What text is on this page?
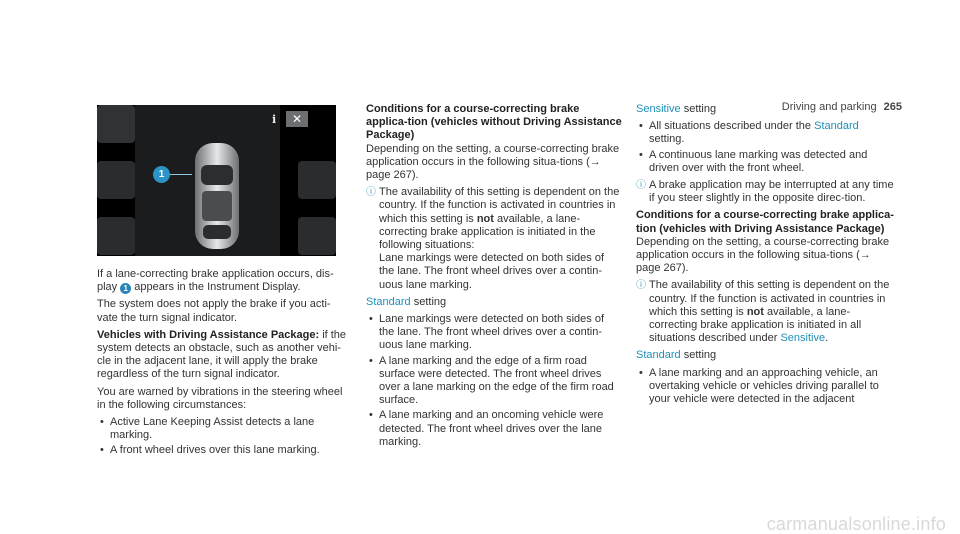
Driving and parking 265
i	✕
1

If a lane-correcting brake application occurs, dis-play 1 appears in the Instrument Display.

The system does not apply the brake if you acti-vate the turn signal indicator.

Vehicles with Driving Assistance Package: if the system detects an obstacle, such as another vehi-cle in the adjacent lane, it will apply the brake regardless of the turn signal indicator.

You are warned by vibrations in the steering wheel in the following circumstances:

• Active Lane Keeping Assist detects a lane marking.
• A front wheel drives over this lane marking.

Conditions for a course-correcting brake applica-tion (vehicles without Driving Assistance Package)

Depending on the setting, a course-correcting brake application occurs in the following situa-tions (→ page 267).

ⓘ The availability of this setting is dependent on the country. If the function is activated in countries in which this setting is not available, a lane-correcting brake application is initiated in the following situations:
Lane markings were detected on both sides of the lane. The front wheel drives over a contin-uous lane marking.

Standard setting

• Lane markings were detected on both sides of the lane. The front wheel drives over a contin-uous lane marking.
• A lane marking and the edge of a firm road surface were detected. The front wheel drives over a lane marking on the edge of the firm road surface.
• A lane marking and an oncoming vehicle were detected. The front wheel drives over the lane marking.

Sensitive setting

• All situations described under the Standard setting.
• A continuous lane marking was detected and driven over with the front wheel.
ⓘ A brake application may be interrupted at any time if you steer slightly in the opposite direc-tion.

Conditions for a course-correcting brake applica-tion (vehicles with Driving Assistance Package)

Depending on the setting, a course-correcting brake application occurs in the following situa-tions (→ page 267).

ⓘ The availability of this setting is dependent on the country. If the function is activated in countries in which this setting is not available, a lane-correcting brake application is initiated in all situations described under Sensitive.

Standard setting

• A lane marking and an approaching vehicle, an overtaking vehicle or vehicles driving parallel to your vehicle were detected in the adjacent
carmanualsonline.info
